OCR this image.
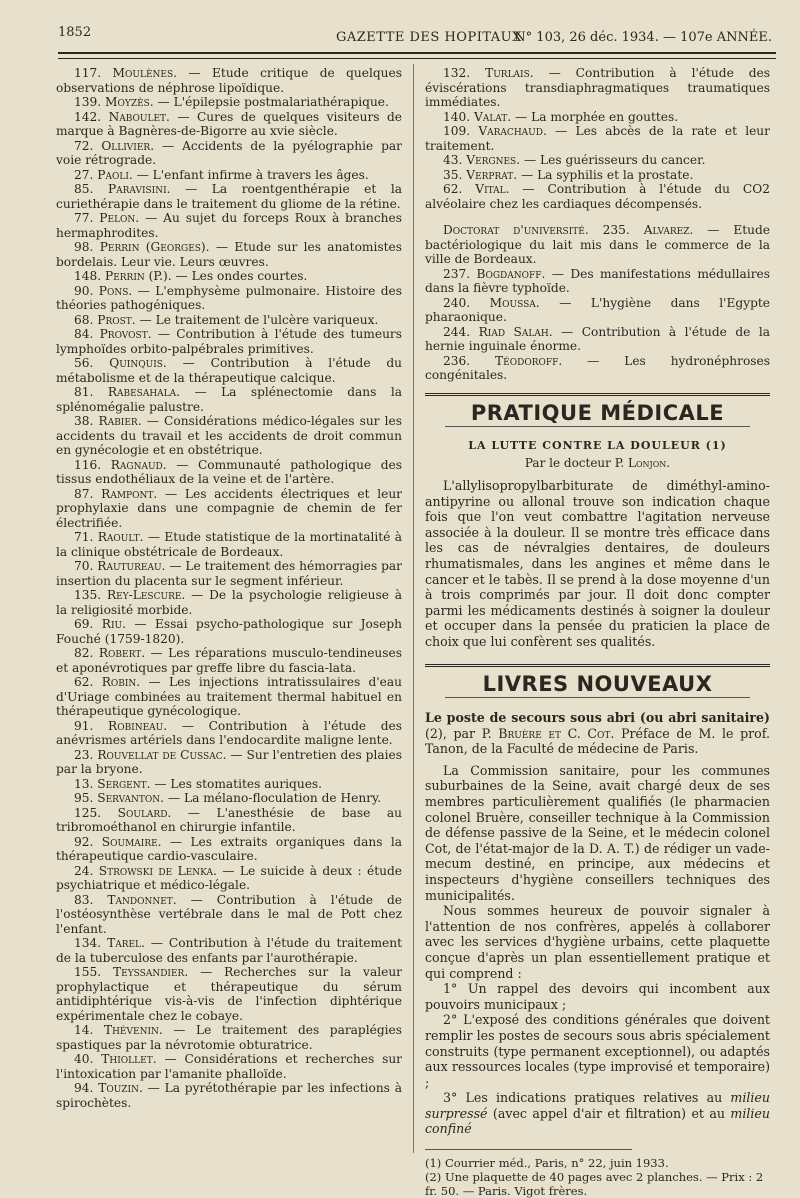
1852	GAZETTE DES HOPITAUX
N° 103, 26 déc. 1934. — 107e ANNÉE.

117. Moulènes. — Etude critique de quelques observations de néphrose lipoïdique.

139. Moyzès. — L'épilepsie postmalariathérapique.

142. Naboulet. — Cures de quelques visiteurs de marque à Bagnères-de-Bigorre au xvie siècle.

72. Ollivier. — Accidents de la pyélographie par voie rétrograde.

27. Paoli. — L'enfant infirme à travers les âges.

85. Paravisini. — La roentgenthérapie et la curiethérapie dans le traitement du gliome de la rétine.

77. Pelon. — Au sujet du forceps Roux à branches hermaphrodites.

98. Perrin (Georges). — Etude sur les anatomistes bordelais. Leur vie. Leurs œuvres.

148. Perrin (P.). — Les ondes courtes.

90. Pons. — L'emphysème pulmonaire. Histoire des théories pathogéniques.

68. Prost. — Le traitement de l'ulcère variqueux.

84. Provost. — Contribution à l'étude des tumeurs lymphoïdes orbito-palpébrales primitives.

56. Quinquis. — Contribution à l'étude du métabolisme et de la thérapeutique calcique.

81. Rabesahala. — La splénectomie dans la splénomégalie palustre.

38. Rabier. — Considérations médico-légales sur les accidents du travail et les accidents de droit commun en gynécologie et en obstétrique.

116. Ragnaud. — Communauté pathologique des tissus endothéliaux de la veine et de l'artère.

87. Rampont. — Les accidents électriques et leur prophylaxie dans une compagnie de chemin de fer électrifiée.

71. Raoult. — Etude statistique de la mortinatalité à la clinique obstétricale de Bordeaux.

70. Rautureau. — Le traitement des hémorragies par insertion du placenta sur le segment inférieur.

135. Rey-Lescure. — De la psychologie religieuse à la religiosité morbide.

69. Riu. — Essai psycho-pathologique sur Joseph Fouché (1759-1820).

82. Robert. — Les réparations musculo-tendineuses et aponévrotiques par greffe libre du fascia-lata.

62. Robin. — Les injections intratissulaires d'eau d'Uriage combinées au traitement thermal habituel en thérapeutique gynécologique.

91. Robineau. — Contribution à l'étude des anévrismes artériels dans l'endocardite maligne lente.

23. Rouvellat de Cussac. — Sur l'entretien des plaies par la bryone.

13. Sergent. — Les stomatites auriques.

95. Servanton. — La mélano-floculation de Henry.

125. Soulard. — L'anesthésie de base au tribromoéthanol en chirurgie infantile.

92. Soumaire. — Les extraits organiques dans la thérapeutique cardio-vasculaire.

24. Strowski de Lenka. — Le suicide à deux : étude psychiatrique et médico-légale.

83. Tandonnet. — Contribution à l'étude de l'ostéosynthèse vertébrale dans le mal de Pott chez l'enfant.

134. Tarel. — Contribution à l'étude du traitement de la tuberculose des enfants par l'aurothérapie.

155. Teyssandier. — Recherches sur la valeur prophylactique et thérapeutique du sérum antidiphtérique vis-à-vis de l'infection diphtérique expérimentale chez le cobaye.

14. Thévenin. — Le traitement des paraplégies spastiques par la névrotomie obturatrice.

40. Thiollet. — Considérations et recherches sur l'intoxication par l'amanite phalloïde.

94. Touzin. — La pyrétothérapie par les infections à spirochètes.

132. Turlais. — Contribution à l'étude des éviscérations transdiaphragmatiques traumatiques immédiates.

140. Valat. — La morphée en gouttes.

109. Varachaud. — Les abcès de la rate et leur traitement.

43. Vergnes. — Les guérisseurs du cancer.

35. Verprat. — La syphilis et la prostate.

62. Vital. — Contribution à l'étude du CO2 alvéolaire chez les cardiaques décompensés.

Doctorat d'université. 235. Alvarez. — Etude bactériologique du lait mis dans le commerce de la ville de Bordeaux.

237. Bogdanoff. — Des manifestations médullaires dans la fièvre typhoïde.

240. Moussa. — L'hygiène dans l'Egypte pharaonique.

244. Riad Salah. — Contribution à l'étude de la hernie inguinale énorme.

236. Téodoroff. — Les hydronéphroses congénitales.

PRATIQUE MÉDICALE

LA LUTTE CONTRE LA DOULEUR (1)

Par le docteur P. Lonjon.

L'allylisopropylbarbiturate de diméthyl-amino-antipyrine ou allonal trouve son indication chaque fois que l'on veut combattre l'agitation nerveuse associée à la douleur. Il se montre très efficace dans les cas de névralgies dentaires, de douleurs rhumatismales, dans les angines et même dans le cancer et le tabès. Il se prend à la dose moyenne d'un à trois comprimés par jour. Il doit donc compter parmi les médicaments destinés à soigner la douleur et occuper dans la pensée du praticien la place de choix que lui confèrent ses qualités.

LIVRES NOUVEAUX

Le poste de secours sous abri (ou abri sanitaire) (2), par P. Bruère et C. Cot. Préface de M. le prof. Tanon, de la Faculté de médecine de Paris.

La Commission sanitaire, pour les communes suburbaines de la Seine, avait chargé deux de ses membres particulièrement qualifiés (le pharmacien colonel Bruère, conseiller technique à la Commission de défense passive de la Seine, et le médecin colonel Cot, de l'état-major de la D. A. T.) de rédiger un vade-mecum destiné, en principe, aux médecins et inspecteurs d'hygiène conseillers techniques des municipalités.

Nous sommes heureux de pouvoir signaler à l'attention de nos confrères, appelés à collaborer avec les services d'hygiène urbains, cette plaquette conçue d'après un plan essentiellement pratique et qui comprend :

1° Un rappel des devoirs qui incombent aux pouvoirs municipaux ;

2° L'exposé des conditions générales que doivent remplir les postes de secours sous abris spécialement construits (type permanent exceptionnel), ou adaptés aux ressources locales (type improvisé et temporaire) ;

3° Les indications pratiques relatives au milieu surpressé (avec appel d'air et filtration) et au milieu confiné

(1) Courrier méd., Paris, n° 22, juin 1933.
(2) Une plaquette de 40 pages avec 2 planches. — Prix : 2 fr. 50. — Paris. Vigot frères.
